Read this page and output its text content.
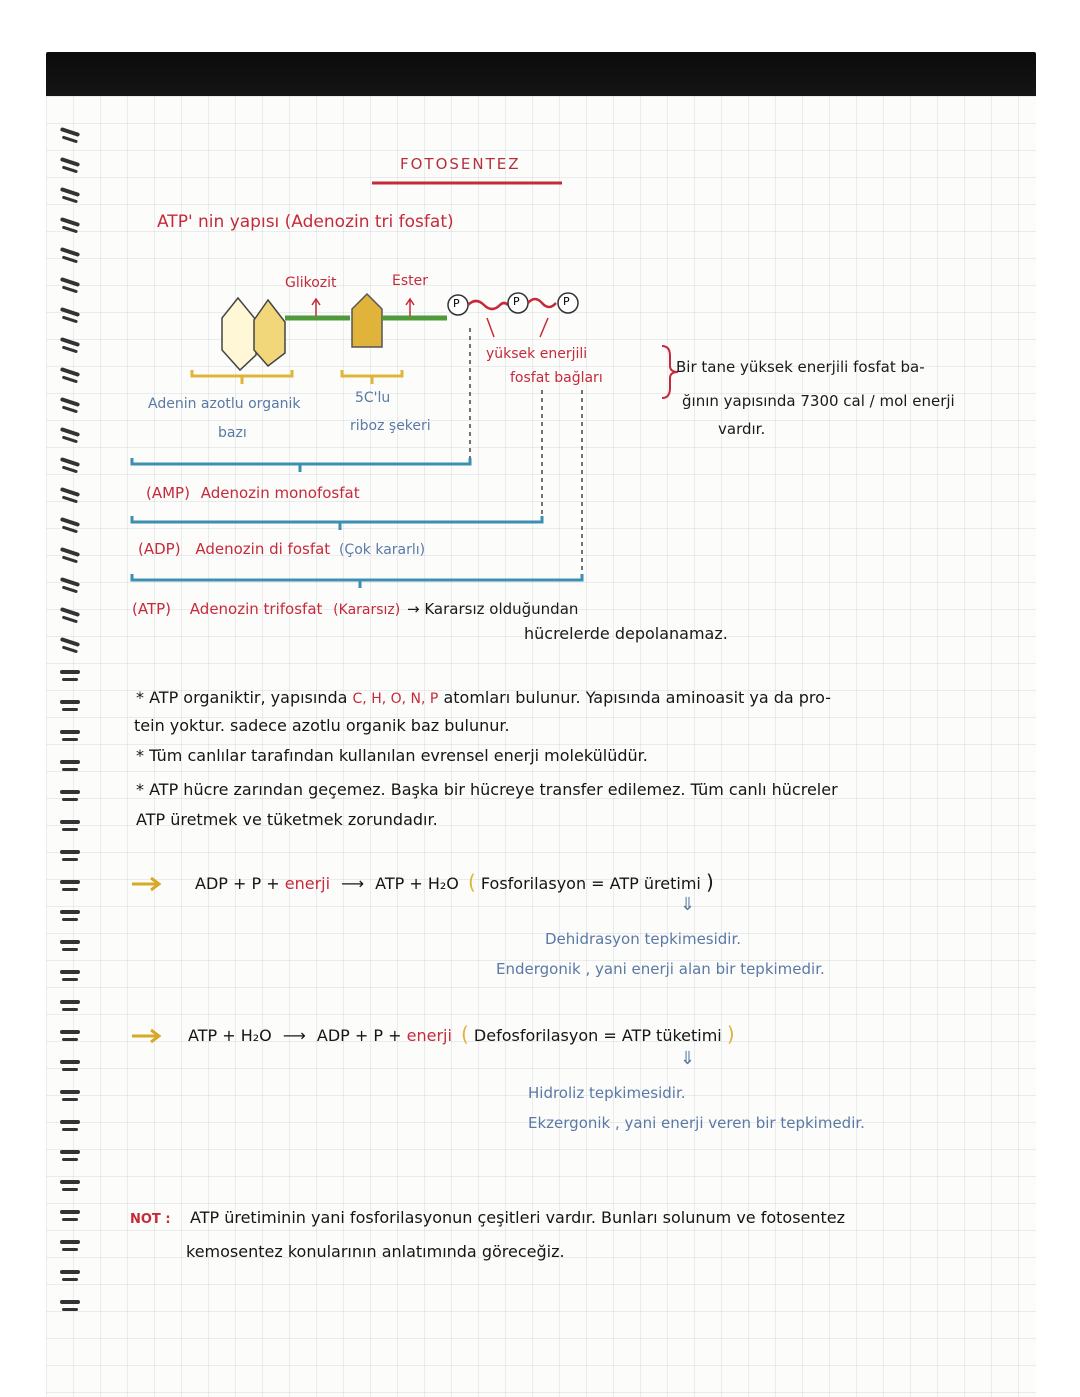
FOTOSENTEZ
ATP' nin yapısı (Adenozin tri fosfat)
Glikozit	Ester
P	P	P
yüksek enerjili
fosfat bağları
Bir tane yüksek enerjili fosfat ba-
ğının yapısında 7300 cal / mol enerji
vardır.
Adenin azotlu organik
bazı
5C'lu
riboz şekeri
(AMP) Adenozin monofosfat
(ADP) Adenozin di fosfat (Çok kararlı)
(ATP) Adenozin trifosfat (Kararsız) → Kararsız olduğundan
hücrelerde depolanamaz.
* ATP organiktir, yapısında C, H, O, N, P atomları bulunur. Yapısında aminoasit ya da pro-
tein yoktur. sadece azotlu organik baz bulunur.
* Tüm canlılar tarafından kullanılan evrensel enerji molekülüdür.
* ATP hücre zarından geçemez. Başka bir hücreye transfer edilemez. Tüm canlı hücreler
ATP üretmek ve tüketmek zorundadır.
ADP + P + enerji ⟶ ATP + H₂O ( Fosforilasyon = ATP üretimi )
⇓
Dehidrasyon tepkimesidir.
Endergonik , yani enerji alan bir tepkimedir.
ATP + H₂O ⟶ ADP + P + enerji ( Defosforilasyon = ATP tüketimi )
⇓
Hidroliz tepkimesidir.
Ekzergonik , yani enerji veren bir tepkimedir.
NOT : ATP üretiminin yani fosforilasyonun çeşitleri vardır. Bunları solunum ve fotosentez
kemosentez konularının anlatımında göreceğiz.
